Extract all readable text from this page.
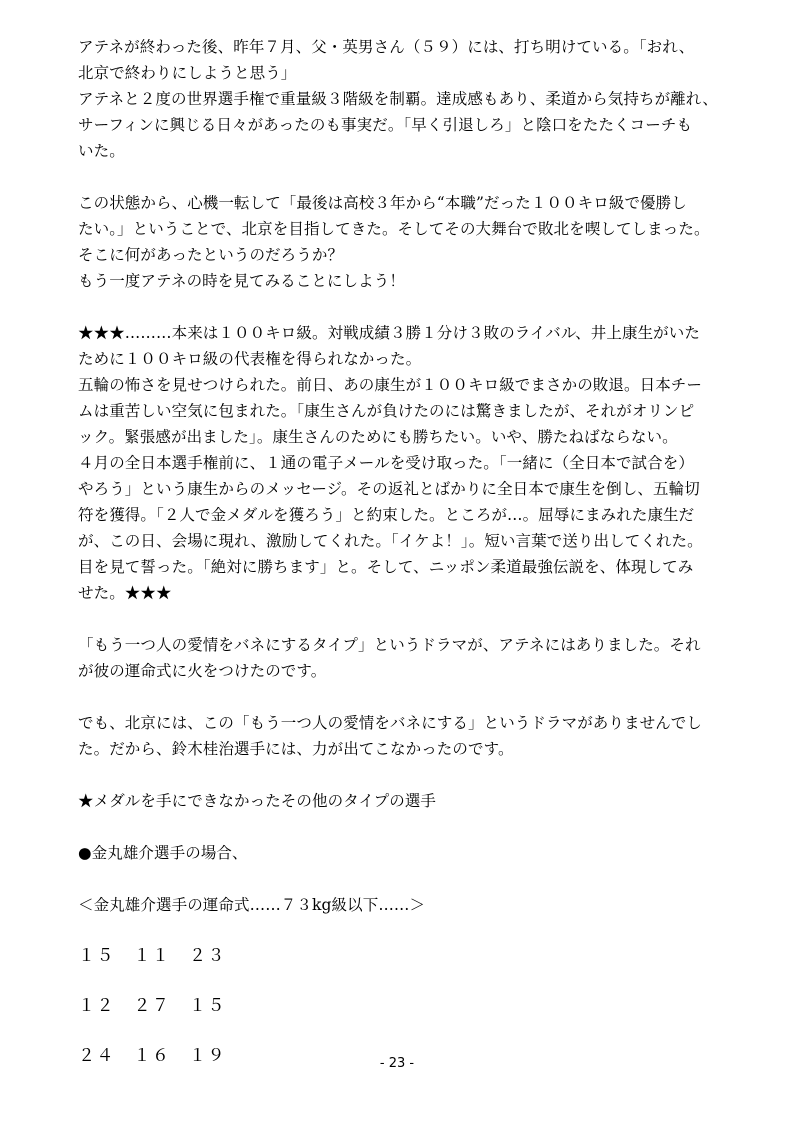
アテネが終わった後、昨年７月、父・英男さん（５９）には、打ち明けている。「おれ、
北京で終わりにしようと思う」
アテネと２度の世界選手権で重量級３階級を制覇。達成感もあり、柔道から気持ちが離れ、
サーフィンに興じる日々があったのも事実だ。「早く引退しろ」と陰口をたたくコーチも
いた。

この状態から、心機一転して「最後は高校３年から“本職”だった１００キロ級で優勝し
たい。」ということで、北京を目指してきた。そしてその大舞台で敗北を喫してしまった。
そこに何があったというのだろうか？
もう一度アテネの時を見てみることにしよう！

★★★………本来は１００キロ級。対戦成績３勝１分け３敗のライバル、井上康生がいた
ために１００キロ級の代表権を得られなかった。
五輪の怖さを見せつけられた。前日、あの康生が１００キロ級でまさかの敗退。日本チー
ムは重苦しい空気に包まれた。「康生さんが負けたのには驚きましたが、それがオリンピ
ック。緊張感が出ました」。康生さんのためにも勝ちたい。いや、勝たねばならない。
４月の全日本選手権前に、１通の電子メールを受け取った。「一緒に（全日本で試合を）
やろう」という康生からのメッセージ。その返礼とばかりに全日本で康生を倒し、五輪切
符を獲得。「２人で金メダルを獲ろう」と約束した。ところが…。屈辱にまみれた康生だ
が、この日、会場に現れ、激励してくれた。「イケよ！」。短い言葉で送り出してくれた。
目を見て誓った。「絶対に勝ちます」と。そして、ニッポン柔道最強伝説を、体現してみ
せた。★★★

「もう一つ人の愛情をバネにするタイプ」というドラマが、アテネにはありました。それ
が彼の運命式に火をつけたのです。

でも、北京には、この「もう一つ人の愛情をバネにする」というドラマがありませんでし
た。だから、鈴木桂治選手には、力が出てこなかったのです。

★メダルを手にできなかったその他のタイプの選手

●金丸雄介選手の場合、

＜金丸雄介選手の運命式……７３kg級以下……＞

１５　１１　２３

１２　２７　１５

２４　１６　１９	- 23 -
